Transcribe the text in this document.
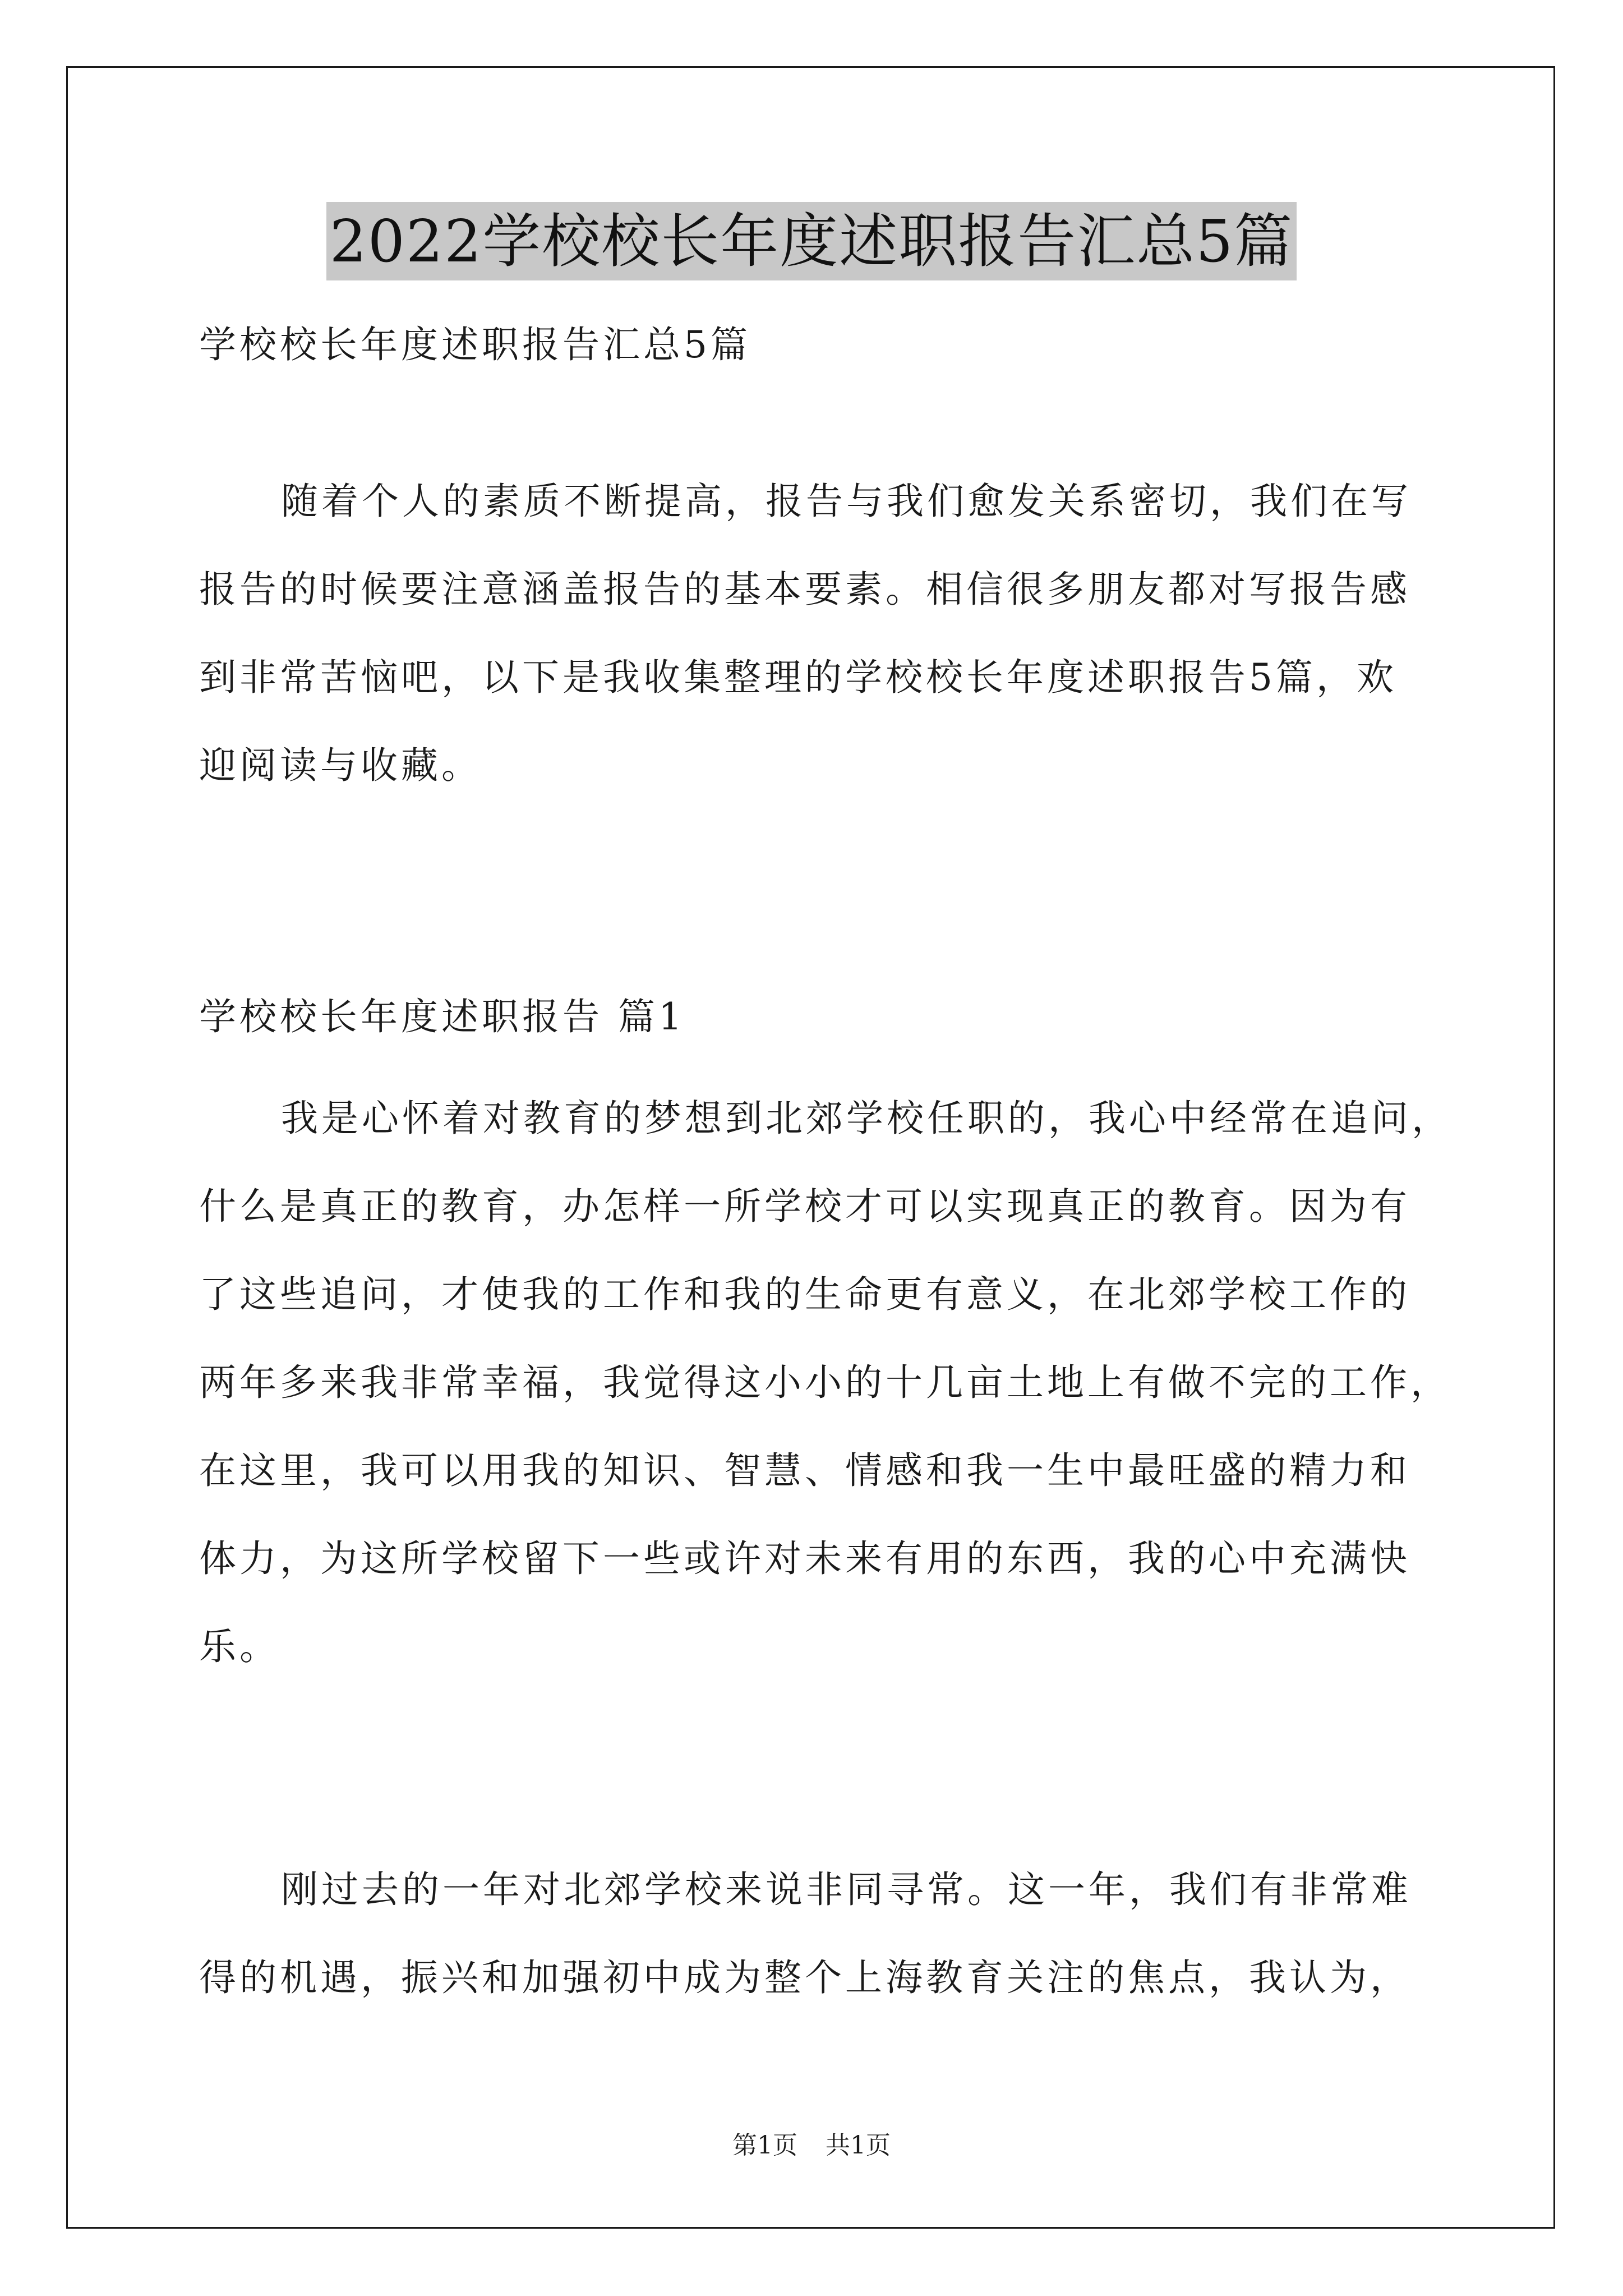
2022学校校长年度述职报告汇总5篇
学校校长年度述职报告汇总5篇
随着个人的素质不断提高，报告与我们愈发关系密切，我们在写
报告的时候要注意涵盖报告的基本要素。相信很多朋友都对写报告感
到非常苦恼吧，以下是我收集整理的学校校长年度述职报告5篇，欢
迎阅读与收藏。
学校校长年度述职报告 篇1
我是心怀着对教育的梦想到北郊学校任职的，我心中经常在追问，
什么是真正的教育，办怎样一所学校才可以实现真正的教育。因为有
了这些追问，才使我的工作和我的生命更有意义，在北郊学校工作的
两年多来我非常幸福，我觉得这小小的十几亩土地上有做不完的工作，
在这里，我可以用我的知识、智慧、情感和我一生中最旺盛的精力和
体力，为这所学校留下一些或许对未来有用的东西，我的心中充满快
乐。
刚过去的一年对北郊学校来说非同寻常。这一年，我们有非常难
得的机遇，振兴和加强初中成为整个上海教育关注的焦点，我认为，
第1页 共1页
